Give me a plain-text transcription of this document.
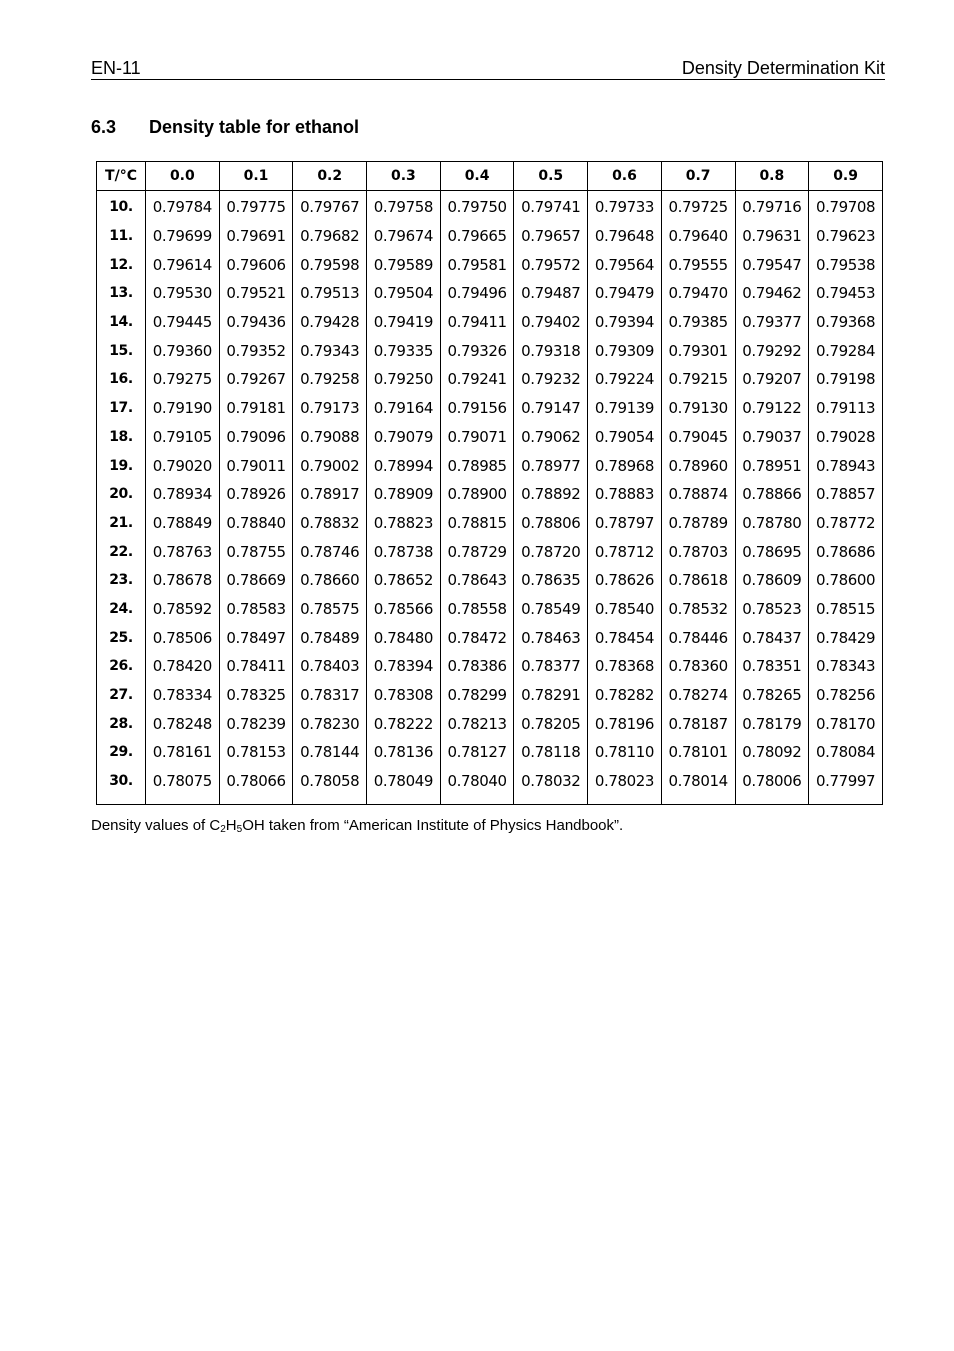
EN-11	Density Determination Kit
6.3 Density table for ethanol
T/°C	0.0	0.1	0.2	0.3	0.4	0.5	0.6	0.7	0.8	0.9
10.	0.79784	0.79775	0.79767	0.79758	0.79750	0.79741	0.79733	0.79725	0.79716	0.79708
11.	0.79699	0.79691	0.79682	0.79674	0.79665	0.79657	0.79648	0.79640	0.79631	0.79623
12.	0.79614	0.79606	0.79598	0.79589	0.79581	0.79572	0.79564	0.79555	0.79547	0.79538
13.	0.79530	0.79521	0.79513	0.79504	0.79496	0.79487	0.79479	0.79470	0.79462	0.79453
14.	0.79445	0.79436	0.79428	0.79419	0.79411	0.79402	0.79394	0.79385	0.79377	0.79368
15.	0.79360	0.79352	0.79343	0.79335	0.79326	0.79318	0.79309	0.79301	0.79292	0.79284
16.	0.79275	0.79267	0.79258	0.79250	0.79241	0.79232	0.79224	0.79215	0.79207	0.79198
17.	0.79190	0.79181	0.79173	0.79164	0.79156	0.79147	0.79139	0.79130	0.79122	0.79113
18.	0.79105	0.79096	0.79088	0.79079	0.79071	0.79062	0.79054	0.79045	0.79037	0.79028
19.	0.79020	0.79011	0.79002	0.78994	0.78985	0.78977	0.78968	0.78960	0.78951	0.78943
20.	0.78934	0.78926	0.78917	0.78909	0.78900	0.78892	0.78883	0.78874	0.78866	0.78857
21.	0.78849	0.78840	0.78832	0.78823	0.78815	0.78806	0.78797	0.78789	0.78780	0.78772
22.	0.78763	0.78755	0.78746	0.78738	0.78729	0.78720	0.78712	0.78703	0.78695	0.78686
23.	0.78678	0.78669	0.78660	0.78652	0.78643	0.78635	0.78626	0.78618	0.78609	0.78600
24.	0.78592	0.78583	0.78575	0.78566	0.78558	0.78549	0.78540	0.78532	0.78523	0.78515
25.	0.78506	0.78497	0.78489	0.78480	0.78472	0.78463	0.78454	0.78446	0.78437	0.78429
26.	0.78420	0.78411	0.78403	0.78394	0.78386	0.78377	0.78368	0.78360	0.78351	0.78343
27.	0.78334	0.78325	0.78317	0.78308	0.78299	0.78291	0.78282	0.78274	0.78265	0.78256
28.	0.78248	0.78239	0.78230	0.78222	0.78213	0.78205	0.78196	0.78187	0.78179	0.78170
29.	0.78161	0.78153	0.78144	0.78136	0.78127	0.78118	0.78110	0.78101	0.78092	0.78084
30.	0.78075	0.78066	0.78058	0.78049	0.78040	0.78032	0.78023	0.78014	0.78006	0.77997

Density values of $C_2H_5OH$ taken from “American Institute of Physics Handbook”.
